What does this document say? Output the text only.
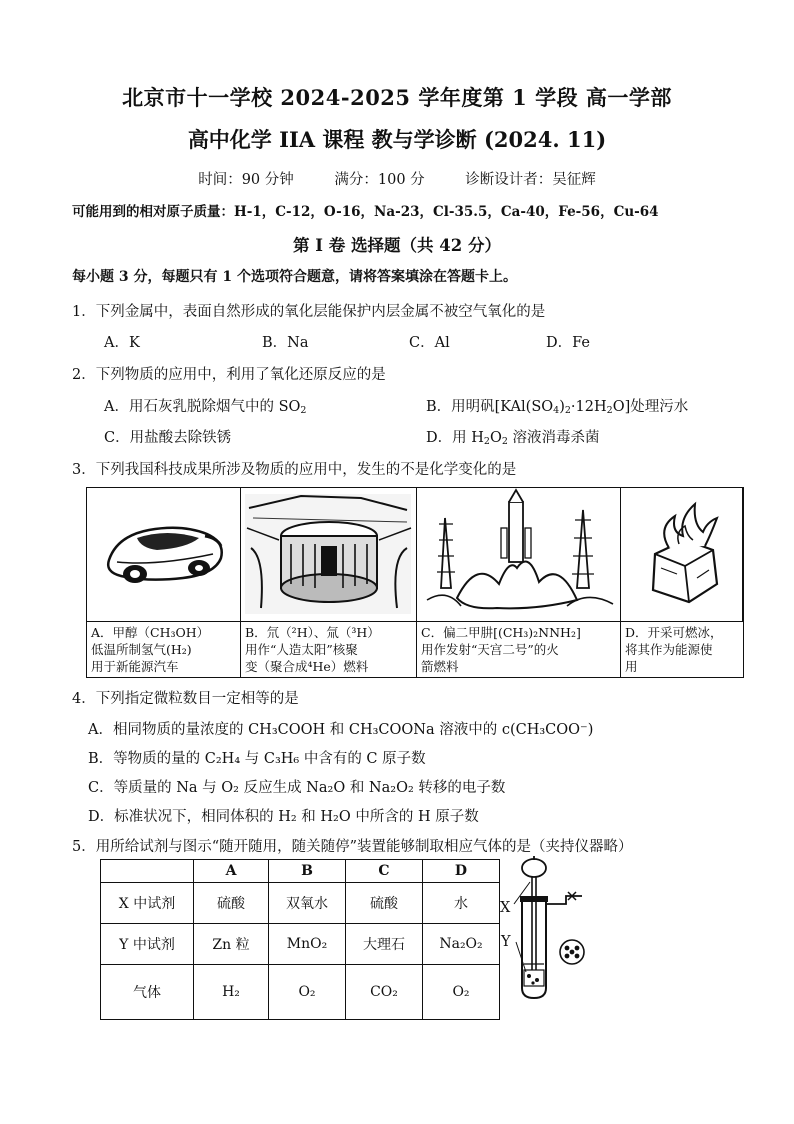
北京市十一学校 2024-2025 学年度第 1 学段 高一学部
高中化学 IIA 课程 教与学诊断 (2024. 11)
时间：90 分钟	满分：100 分	诊断设计者：吴征辉
可能用到的相对原子质量：H-1，C-12，O-16，Na-23，Cl-35.5，Ca-40，Fe-56，Cu-64
第 I 卷 选择题（共 42 分）
每小题 3 分，每题只有 1 个选项符合题意，请将答案填涂在答题卡上。
1．下列金属中，表面自然形成的氧化层能保护内层金属不被空气氧化的是
A．K	B．Na	C．Al	D．Fe
2．下列物质的应用中，利用了氧化还原反应的是
A．用石灰乳脱除烟气中的 $SO_2$	B．用明矾$[KAl(SO_4)_2\cdot 12H_2O]$处理污水
C．用盐酸去除铁锈	D．用 $H_2O_2$ 溶液消毒杀菌
3．下列我国科技成果所涉及物质的应用中，发生的不是化学变化的是
A．甲醇（CH₃OH）
低温所制氢气(H₂)
用于新能源汽车
B．氘（²H）、氚（³H）
用作“人造太阳”核聚
变（聚合成⁴He）燃料
C．偏二甲肼[(CH₃)₂NNH₂]
用作发射“天宫二号”的火
箭燃料
D．开采可燃冰，
将其作为能源使
用
4．下列指定微粒数目一定相等的是
A．相同物质的量浓度的 CH₃COOH 和 CH₃COONa 溶液中的 c(CH₃COO⁻)
B．等物质的量的 C₂H₄ 与 C₃H₆ 中含有的 C 原子数
C．等质量的 Na 与 O₂ 反应生成 Na₂O 和 Na₂O₂ 转移的电子数
D．标准状况下，相同体积的 H₂ 和 H₂O 中所含的 H 原子数
5．用所给试剂与图示“随开随用，随关随停”装置能够制取相应气体的是（夹持仪器略）
	A	B	C	D
X 中试剂	硫酸	双氧水	硫酸	水
Y 中试剂	Zn 粒	MnO₂	大理石	Na₂O₂
气体	H₂	O₂	CO₂	O₂
X
Y
